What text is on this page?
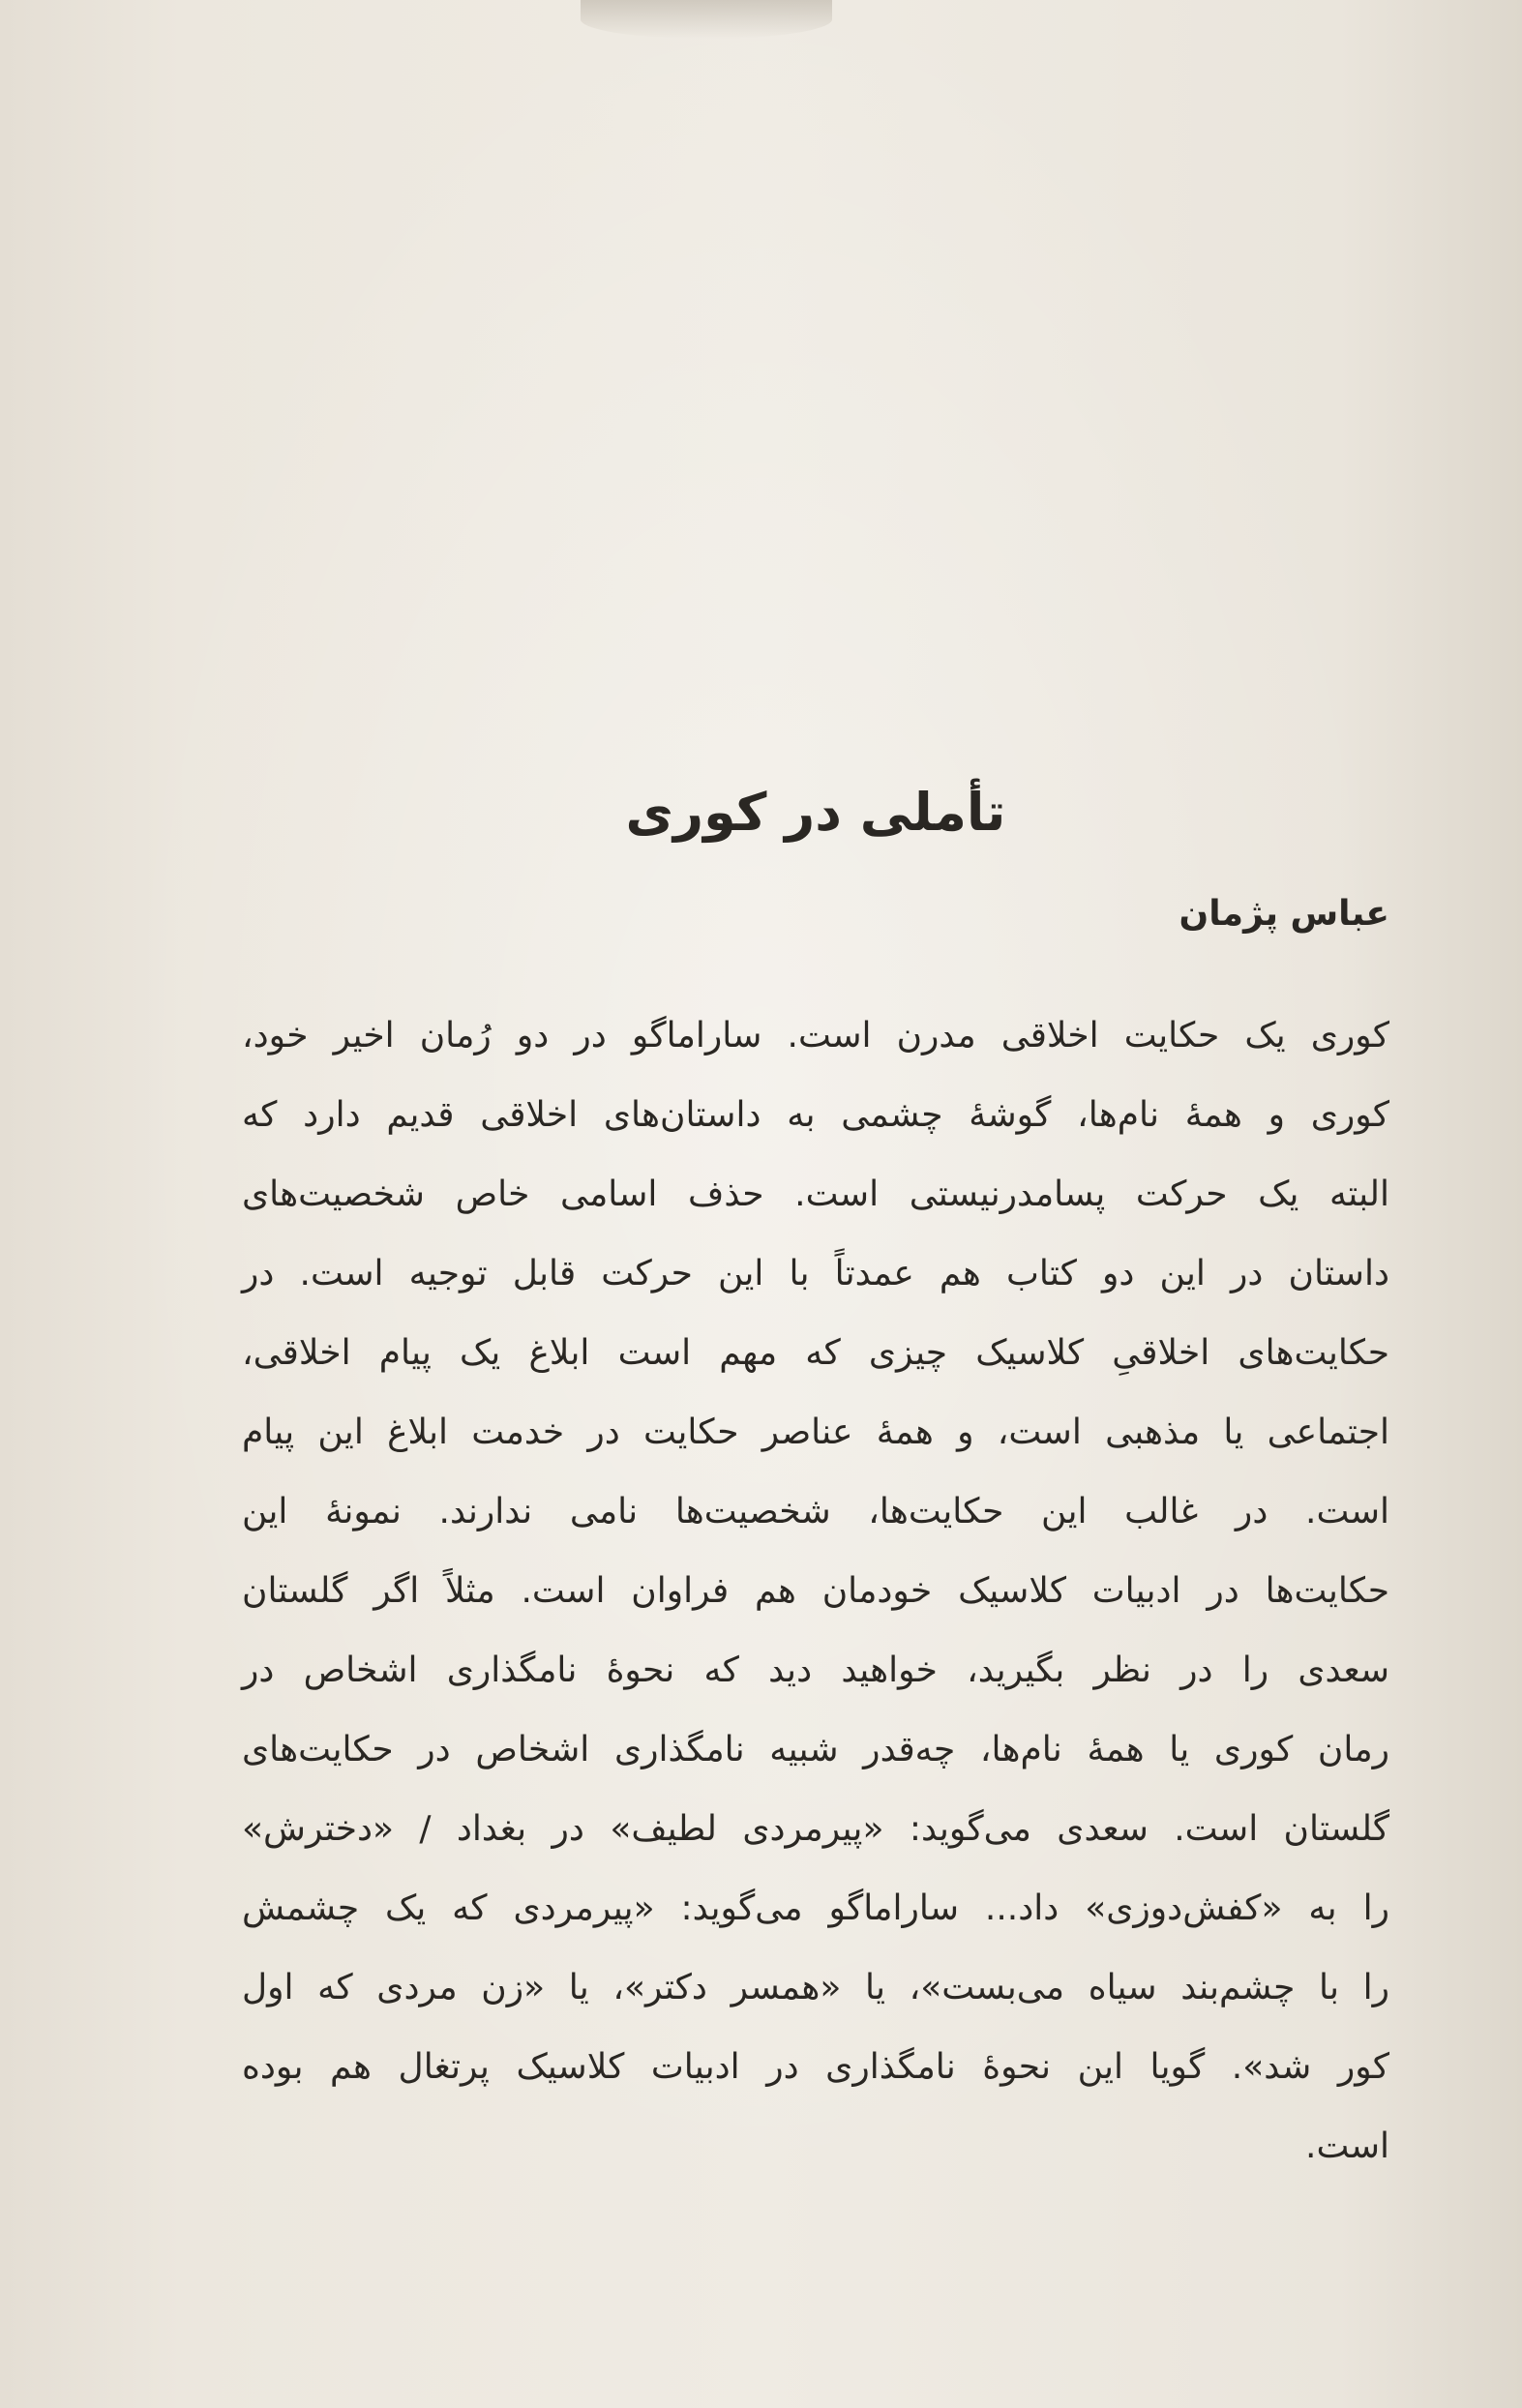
تأملی در کوری
عباس پژمان

کوری یک حکایت اخلاقی مدرن است. ساراماگو در دو رُمان اخیر خود،
کوری و همهٔ نام‌ها، گوشهٔ چشمی به داستان‌های اخلاقی قدیم دارد که
البته یک حرکت پسامدرنیستی است. حذف اسامی خاص شخصیت‌های
داستان در این دو کتاب هم عمدتاً با این حرکت قابل توجیه است. در
حکایت‌های اخلاقیِ کلاسیک چیزی که مهم است ابلاغ یک پیام اخلاقی،
اجتماعی یا مذهبی است، و همهٔ عناصر حکایت در خدمت ابلاغ این پیام
است. در غالب این حکایت‌ها، شخصیت‌ها نامی ندارند. نمونهٔ این
حکایت‌ها در ادبیات کلاسیک خودمان هم فراوان است. مثلاً اگر گلستان
سعدی را در نظر بگیرید، خواهید دید که نحوهٔ نامگذاری اشخاص در
رمان کوری یا همهٔ نام‌ها، چه‌قدر شبیه نامگذاری اشخاص در حکایت‌های
گلستان است. سعدی می‌گوید: «پیرمردی لطیف» در بغداد / «دخترش»
را به «کفش‌دوزی» داد... ساراماگو می‌گوید: «پیرمردی که یک چشمش
را با چشم‌بند سیاه می‌بست»، یا «همسر دکتر»، یا «زن مردی که اول
کور شد». گویا این نحوهٔ نامگذاری در ادبیات کلاسیک پرتغال هم بوده
است.
